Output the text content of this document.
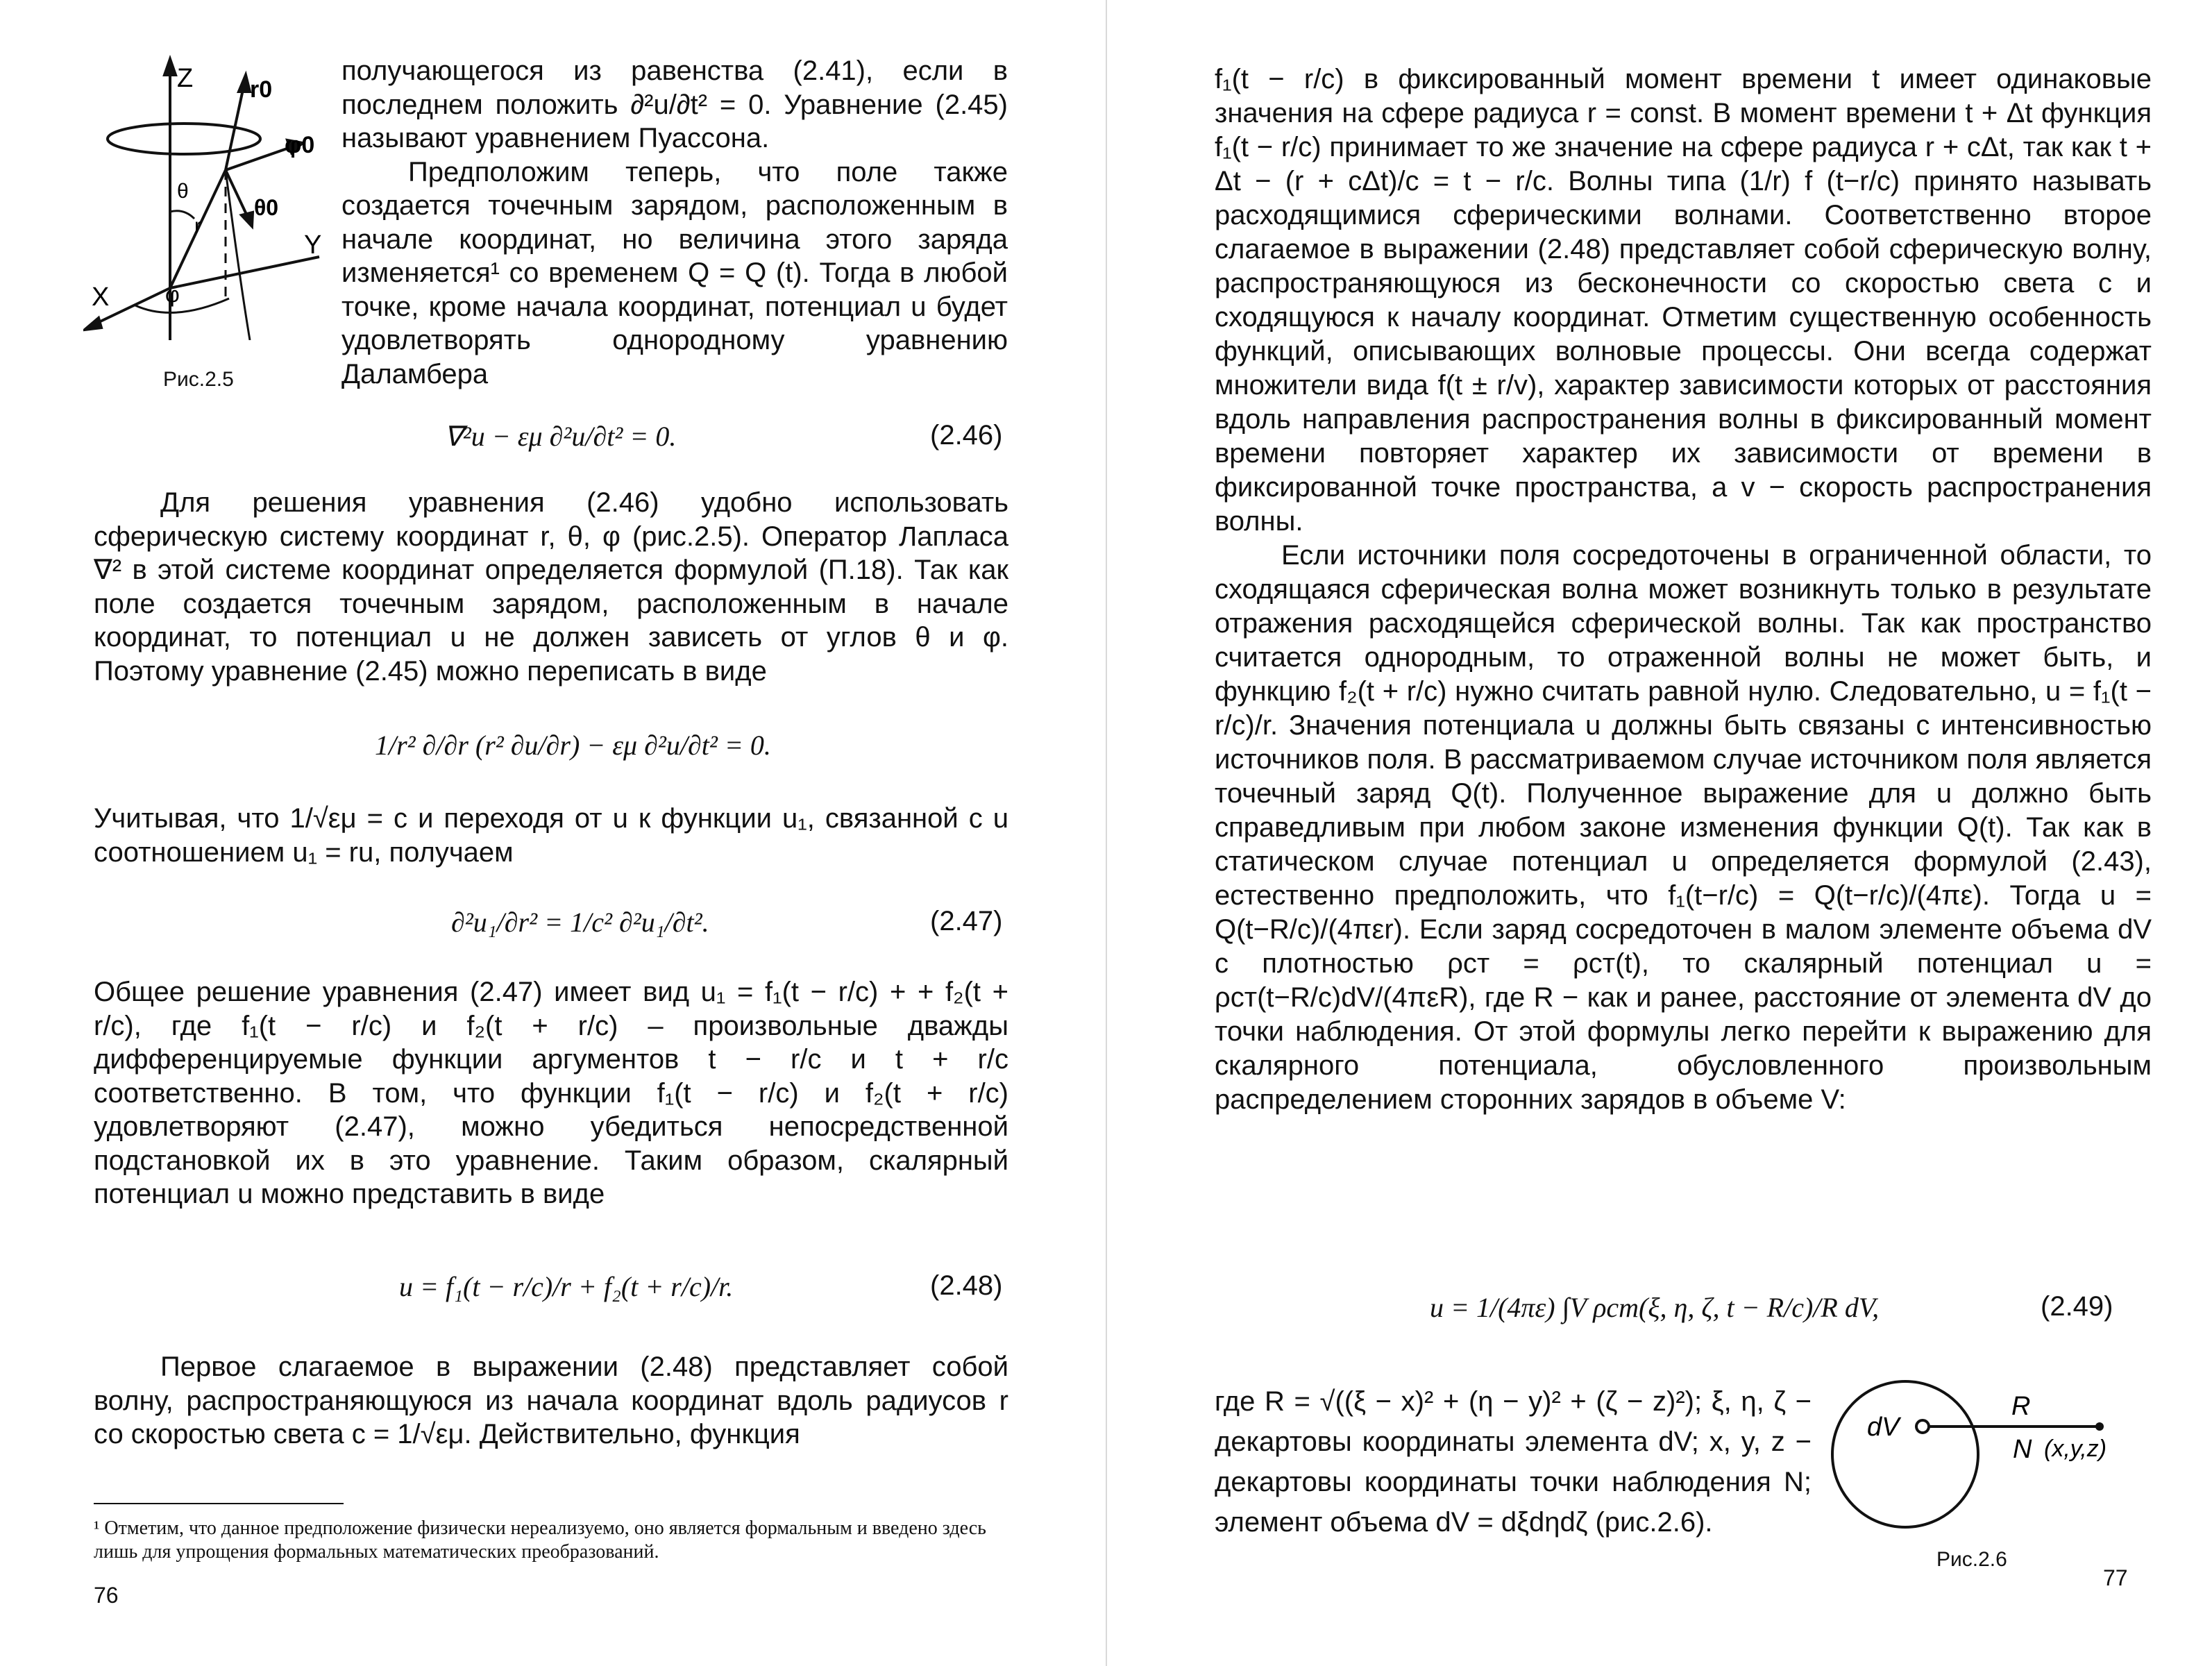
Z r0
φ0
θ0
θ
r
Y
X	φ
Рис.2.5

получающегося из равенства (2.41), если в последнем положить ∂²u/∂t² = 0. Уравнение (2.45) называют уравнением Пуассона.

Предположим теперь, что поле также создается точечным зарядом, расположенным в начале координат, но величина этого заряда изменяется¹ со временем Q = Q (t). Тогда в любой точке, кроме начала координат, потенциал u будет удовлетворять однородному уравнению Даламбера

∇²u − εμ ∂²u/∂t² = 0.	(2.46)

Для решения уравнения (2.46) удобно использовать сферическую систему координат r, θ, φ (рис.2.5). Оператор Лапласа ∇² в этой системе координат определяется формулой (П.18). Так как поле создается точечным зарядом, расположенным в начале координат, то потенциал u не должен зависеть от углов θ и φ. Поэтому уравнение (2.45) можно переписать в виде

1/r² ∂/∂r (r² ∂u/∂r) − εμ ∂²u/∂t² = 0.

Учитывая, что 1/√εμ = c и переходя от u к функции u₁, связанной с u соотношением u₁ = ru, получаем

∂²u₁/∂r² = 1/c² ∂²u₁/∂t².	(2.47)

Общее решение уравнения (2.47) имеет вид u₁ = f₁(t − r/c) + + f₂(t + r/c), где f₁(t − r/c) и f₂(t + r/c) – произвольные дважды дифференцируемые функции аргументов t − r/c и t + r/c соответственно. В том, что функции f₁(t − r/c) и f₂(t + r/c) удовлетворяют (2.47), можно убедиться непосредственной подстановкой их в это уравнение. Таким образом, скалярный потенциал u можно представить в виде

u = f₁(t − r/c)/r + f₂(t + r/c)/r.	(2.48)

Первое слагаемое в выражении (2.48) представляет собой волну, распространяющуюся из начала координат вдоль радиусов r со скоростью света c = 1/√εμ. Действительно, функция

¹ Отметим, что данное предположение физически нереализуемо, оно является формальным и введено здесь лишь для упрощения формальных математических преобразований.
76

f₁(t − r/c) в фиксированный момент времени t имеет одинаковые значения на сфере радиуса r = const. В момент времени t + Δt функция f₁(t − r/c) принимает то же значение на сфере радиуса r + cΔt, так как t + Δt − (r + cΔt)/c = t − r/c. Волны типа (1/r) f (t−r/c) принято называть расходящимися сферическими волнами. Соответственно второе слагаемое в выражении (2.48) представляет собой сферическую волну, распространяющуюся из бесконечности со скоростью света c и сходящуюся к началу координат. Отметим существенную особенность функций, описывающих волновые процессы. Они всегда содержат множители вида f(t ± r/v), характер зависимости которых от расстояния вдоль направления распространения волны в фиксированный момент времени повторяет характер их зависимости от времени в фиксированной точке пространства, а v − скорость распространения волны.

Если источники поля сосредоточены в ограниченной области, то сходящаяся сферическая волна может возникнуть только в результате отражения расходящейся сферической волны. Так как пространство считается однородным, то отраженной волны не может быть, и функцию f₂(t + r/c) нужно считать равной нулю. Следовательно, u = f₁(t − r/c)/r. Значения потенциала u должны быть связаны с интенсивностью источников поля. В рассматриваемом случае источником поля является точечный заряд Q(t). Полученное выражение для u должно быть справедливым при любом законе изменения функции Q(t). Так как в статическом случае потенциал u определяется формулой (2.43), естественно предположить, что f₁(t−r/c) = Q(t−r/c)/(4πε). Тогда u = Q(t−R/c)/(4πεr). Если заряд сосредоточен в малом элементе объема dV с плотностью ρст = ρст(t), то скалярный потенциал u = ρст(t−R/c)dV/(4πεR), где R − как и ранее, расстояние от элемента dV до точки наблюдения. От этой формулы легко перейти к выражению для скалярного потенциала, обусловленного произвольным распределением сторонних зарядов в объеме V:

u = 1/(4πε) ∫V ρст(ξ, η, ζ, t − R/c)/R dV,	(2.49)

где R = √((ξ − x)² + (η − y)² + (ζ − z)²); ξ, η, ζ − декартовы координаты элемента dV; x, y, z − декартовы координаты точки наблюдения N; элемент объема dV = dξdηdζ (рис.2.6).

dV
R
N (x,y,z)
Рис.2.6
77
